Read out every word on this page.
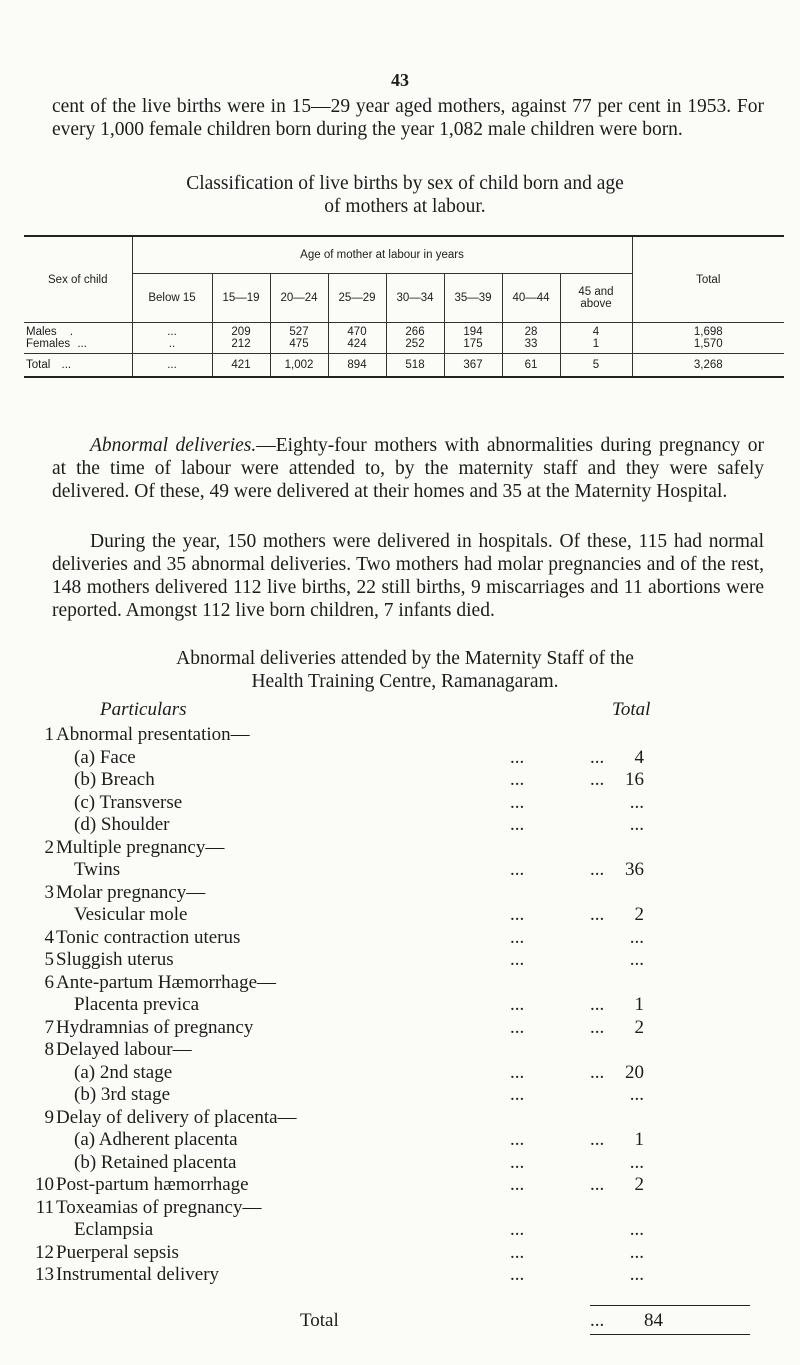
43
cent of the live births were in 15—29 year aged mothers, against 77 per cent in 1953. For every 1,000 female children born during the year 1,082 male children were born.
Classification of live births by sex of child born and age
of mothers at labour.
Sex of child	Age of mother at labour in years								Total
	Below 15	15—19	20—24	25—29	30—34	35—39	40—44	45 and
above	
Males .	...	209	527	470	266	194	28	4	1,698
Females ...	..	212	475	424	252	175	33	1	1,570
Total ...	...	421	1,002	894	518	367	61	5	3,268
Abnormal deliveries.—Eighty-four mothers with abnormalities during pregnancy or at the time of labour were attended to, by the maternity staff and they were safely delivered. Of these, 49 were delivered at their homes and 35 at the Maternity Hospital.
During the year, 150 mothers were delivered in hospitals. Of these, 115 had normal deliveries and 35 abnormal deliveries. Two mothers had molar pregnancies and of the rest, 148 mothers delivered 112 live births, 22 still births, 9 miscarriages and 11 abortions were reported. Amongst 112 live born children, 7 infants died.
Abnormal deliveries attended by the Maternity Staff of the
Health Training Centre, Ramanagaram.
Particulars	Total
1 Abnormal presentation—
(a) Face	...	... 4
(b) Breach	...	... 16
(c) Transverse	...	...
(d) Shoulder	...	...
2 Multiple pregnancy—
Twins	...	... 36
3 Molar pregnancy—
Vesicular mole	...	... 2
4 Tonic contraction uterus	...	...
5 Sluggish uterus	...	...
6 Ante-partum Hæmorrhage—
Placenta previca	...	... 1
7 Hydramnias of pregnancy	...	... 2
8 Delayed labour—
(a) 2nd stage	...	... 20
(b) 3rd stage	...	...
9 Delay of delivery of placenta—
(a) Adherent placenta	...	... 1
(b) Retained placenta	...	...
10 Post-partum hæmorrhage	...	... 2
11 Toxeamias of pregnancy—
Eclampsia	...	...
12 Puerperal sepsis	...	...
13 Instrumental delivery	...	...
Total	... 84
